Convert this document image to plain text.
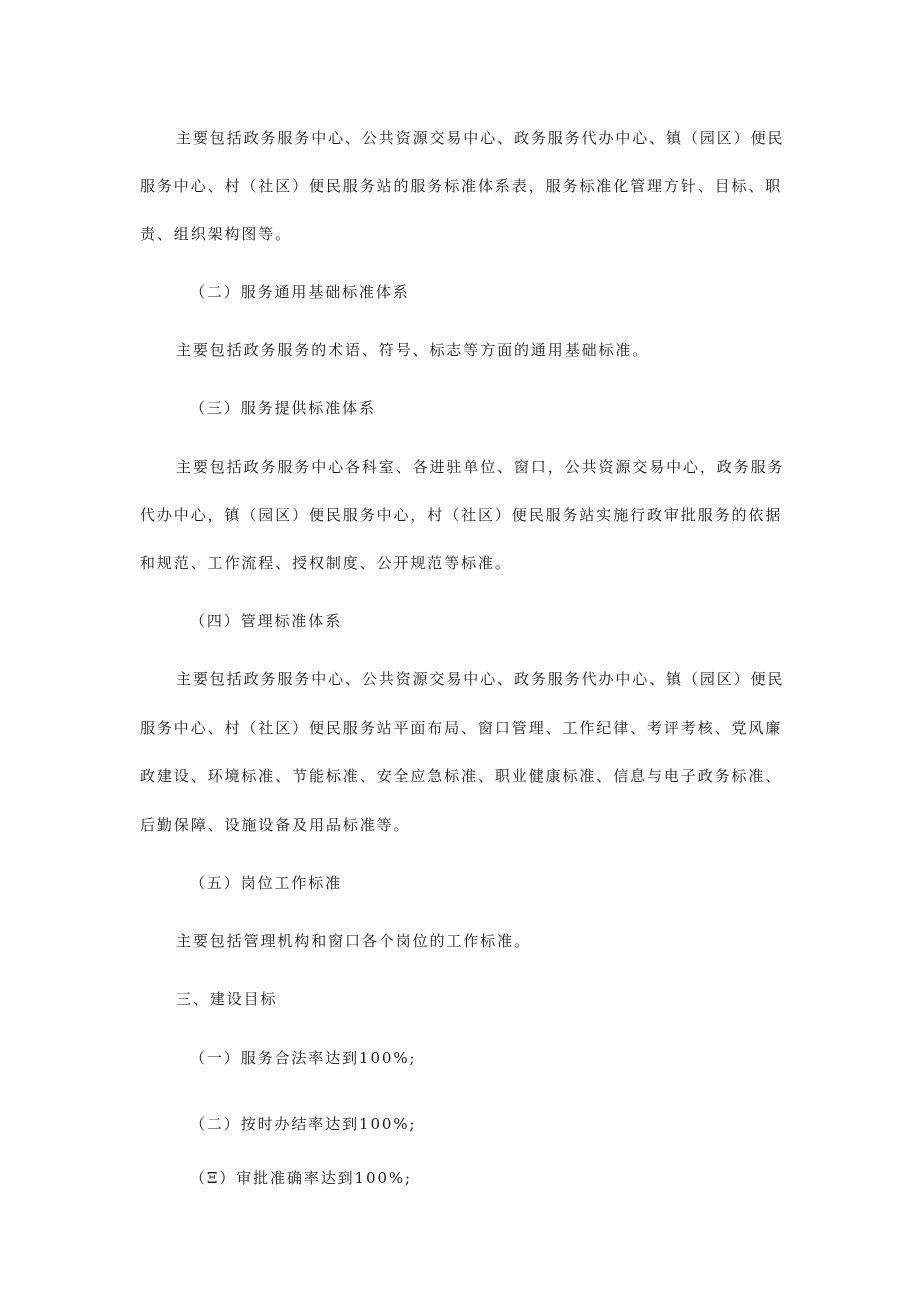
主要包括政务服务中心、公共资源交易中心、政务服务代办中心、镇（园区）便民
服务中心、村（社区）便民服务站的服务标准体系表，服务标准化管理方针、目标、职
责、组织架构图等。
（二）服务通用基础标准体系
主要包括政务服务的术语、符号、标志等方面的通用基础标准。
（三）服务提供标准体系
主要包括政务服务中心各科室、各进驻单位、窗口，公共资源交易中心，政务服务
代办中心，镇（园区）便民服务中心，村（社区）便民服务站实施行政审批服务的依据
和规范、工作流程、授权制度、公开规范等标准。
（四）管理标准体系
主要包括政务服务中心、公共资源交易中心、政务服务代办中心、镇（园区）便民
服务中心、村（社区）便民服务站平面布局、窗口管理、工作纪律、考评考核、党风廉
政建设、环境标准、节能标准、安全应急标准、职业健康标准、信息与电子政务标准、
后勤保障、设施设备及用品标准等。
（五）岗位工作标准
主要包括管理机构和窗口各个岗位的工作标准。
三、建设目标
（一）服务合法率达到100%;
（二）按时办结率达到100%;
（Ξ）审批准确率达到100%;
